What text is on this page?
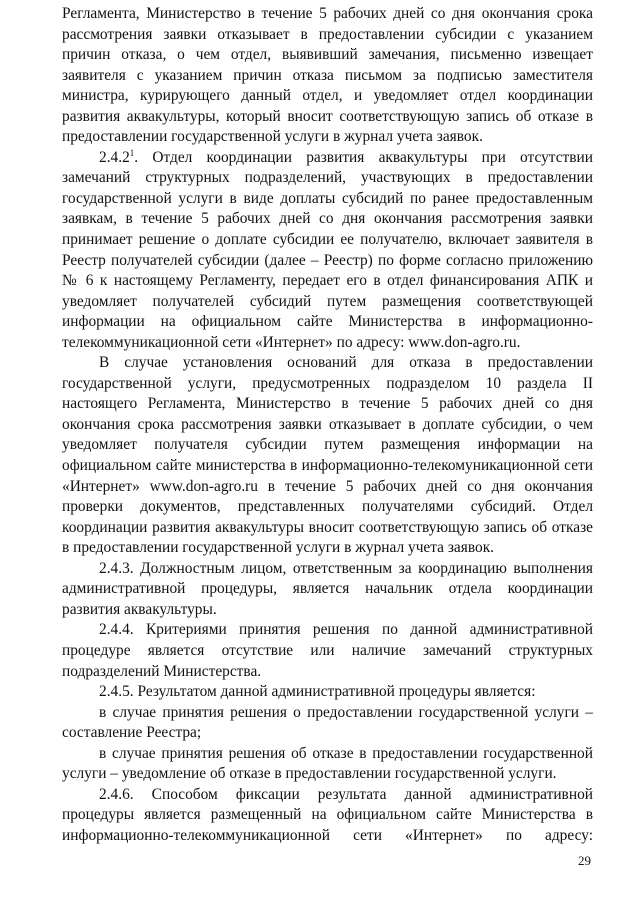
Регламента, Министерство в течение 5 рабочих дней со дня окончания срока рассмотрения заявки отказывает в предоставлении субсидии с указанием причин отказа, о чем отдел, выявивший замечания, письменно извещает заявителя с указанием причин отказа письмом за подписью заместителя министра, курирующего данный отдел, и уведомляет отдел координации развития аквакультуры, который вносит соответствующую запись об отказе в предоставлении государственной услуги в журнал учета заявок.

2.4.2$^1$. Отдел координации развития аквакультуры при отсутствии замечаний структурных подразделений, участвующих в предоставлении государственной услуги в виде доплаты субсидий по ранее предоставленным заявкам, в течение 5 рабочих дней со дня окончания рассмотрения заявки принимает решение о доплате субсидии ее получателю, включает заявителя в Реестр получателей субсидии (далее – Реестр) по форме согласно приложению № 6 к настоящему Регламенту, передает его в отдел финансирования АПК и уведомляет получателей субсидий путем размещения соответствующей информации на официальном сайте Министерства в информационно-телекоммуникационной сети «Интернет» по адресу: www.don-agro.ru.

В случае установления оснований для отказа в предоставлении государственной услуги, предусмотренных подразделом 10 раздела II настоящего Регламента, Министерство в течение 5 рабочих дней со дня окончания срока рассмотрения заявки отказывает в доплате субсидии, о чем уведомляет получателя субсидии путем размещения информации на официальном сайте министерства в информационно-телекомуникационной сети «Интернет» www.don-agro.ru в течение 5 рабочих дней со дня окончания проверки документов, представленных получателями субсидий. Отдел координации развития аквакультуры вносит соответствующую запись об отказе в предоставлении государственной услуги в журнал учета заявок.

2.4.3. Должностным лицом, ответственным за координацию выполнения административной процедуры, является начальник отдела координации развития аквакультуры.

2.4.4. Критериями принятия решения по данной административной процедуре является отсутствие или наличие замечаний структурных подразделений Министерства.

2.4.5. Результатом данной административной процедуры является:

в случае принятия решения о предоставлении государственной услуги – составление Реестра;

в случае принятия решения об отказе в предоставлении государственной услуги – уведомление об отказе в предоставлении государственной услуги.

2.4.6. Способом фиксации результата данной административной процедуры является размещенный на официальном сайте Министерства в информационно-телекоммуникационной сети «Интернет» по адресу:

29
